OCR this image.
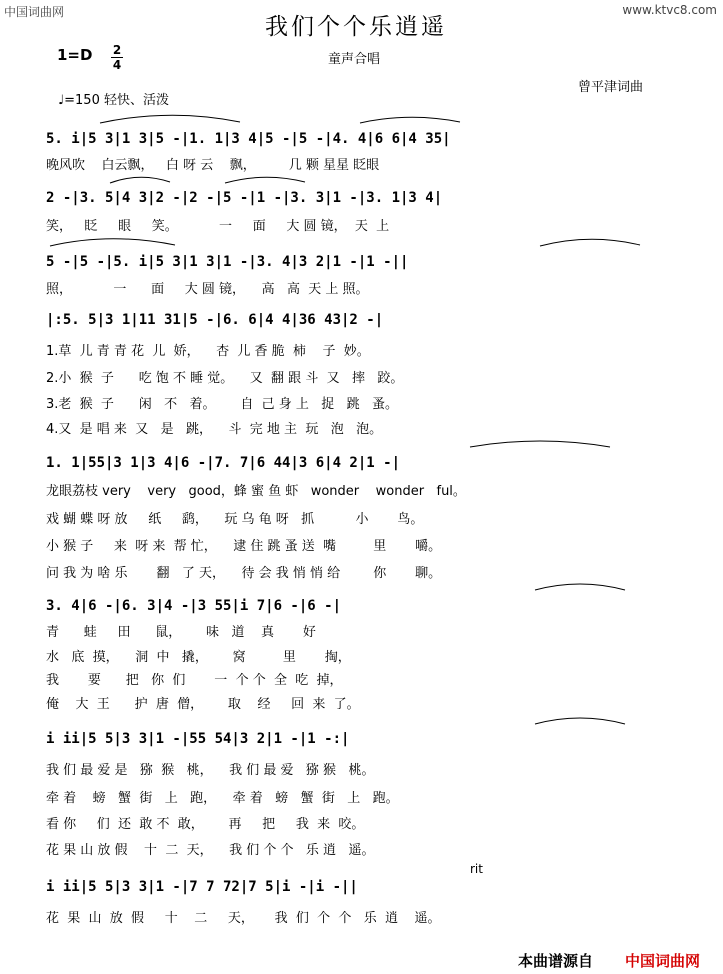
中国词曲网	www.ktvc8.com
我们个个乐逍遥
1=D 2
4	童声合唱
曾平津词曲
♩=150 轻快、活泼
5. i|5 3|1 3|5 -|1. 1|3 4|5 -|5 -|4. 4|6 6|4 35|
晚风吹    白云飘，   白 呀 云    飘，        几 颗 星星 眨眼
2 -|3. 5|4 3|2 -|2 -|5 -|1 -|3. 3|1 -|3. 1|3 4|
笑，   眨     眼     笑。          一     面     大 圆 镜，  天  上
5 -|5 -|5. i|5 3|1 3|1 -|3. 4|3 2|1 -|1 -||
照，          一      面     大 圆 镜，    高   高  天 上 照。
|:5. 5|3 1|11 31|5 -|6. 6|4 4|36 43|2 -|
1.草  儿 青 青 花  儿  娇，    杏  儿 香 脆  柿    子  妙。
2.小  猴  子      吃 饱 不 睡 觉。    又  翻 跟 斗  又   摔   跤。
3.老  猴  子      闲   不   着。      自  己 身 上   捉   跳   蚤。
4.又  是 唱 来  又   是   跳，    斗  完 地 主  玩   泡   泡。
1. 1|55|3 1|3 4|6 -|7. 7|6 44|3 6|4 2|1 -|
龙眼荔枝 very    very   good，蜂 蜜 鱼 虾   wonder    wonder   ful。
戏 蝴 蝶 呀 放     纸     鹞，    玩 乌 龟 呀   抓          小       鸟。
小 猴 子     来  呀 来  帮 忙，    逮 住 跳 蚤 送  嘴         里       嚼。
问 我 为 啥 乐       翻   了 天，    待 会 我 悄 悄 给        你       聊。
3. 4|6 -|6. 3|4 -|3 55|i 7|6 -|6 -|
青      蛙     田      鼠，      味   道    真       好
水   底  摸，    洞  中   撬，      窝         里       掏，
我       要      把   你  们       一  个 个  全  吃  掉，
俺    大  王      护  唐  僧，      取    经     回  来  了。
i ii|5 5|3 3|1 -|55 54|3 2|1 -|1 -:|
我 们 最 爱 是   猕  猴   桃，    我 们 最 爱   猕 猴   桃。
牵 着    螃   蟹  街   上   跑，    牵 着   螃   蟹  街   上   跑。
看 你     们  还  敢 不  敢，      再     把     我  来  咬。
花 果 山 放 假    十  二  天，    我 们 个 个   乐 逍   遥。
rit
i ii|5 5|3 3|1 -|7 7 72|7 5|i -|i -||
花  果  山  放  假     十    二     天，     我  们  个  个   乐  逍    遥。
本曲谱源自 中国词曲网
